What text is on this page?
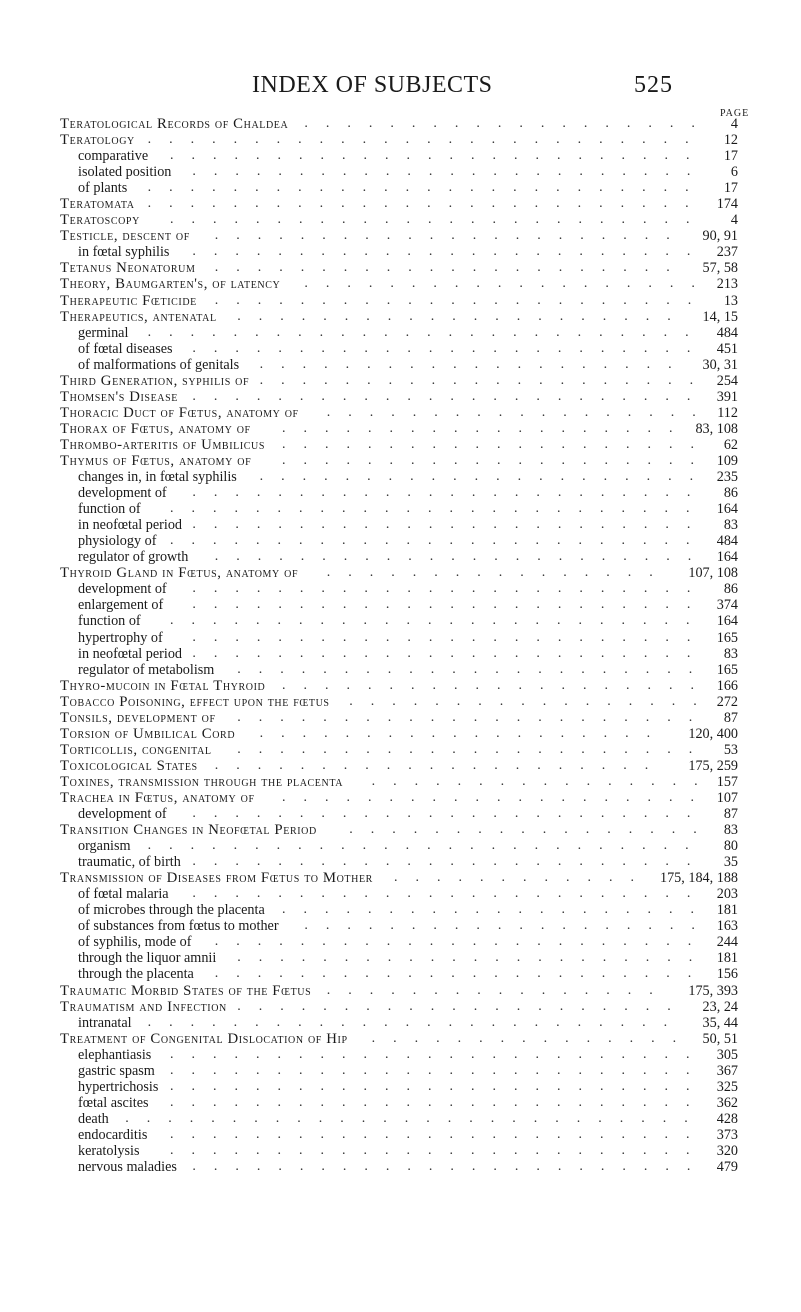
INDEX OF SUBJECTS	525
PAGE
Teratological Records of Chaldea ................... 4
Teratology .......................... 12
comparative ......................... 17
isolated position ........................ 6
of plants .......................... 17
Teratomata .......................... 174
Teratoscopy ......................... 4
Testicle, descent of ...................... 90, 91
in fœtal syphilis ........................ 237
Tetanus Neonatorum ...................... 57, 58
Theory, Baumgarten's, of latency ................... 213
Therapeutic Fœticide ....................... 13
Therapeutics, antenatal ..................... 14, 15
germinal .......................... 484
of fœtal diseases ........................ 451
of malformations of genitals .................... 30, 31
Third Generation, syphilis of ..................... 254
Thomsen's Disease ........................ 391
Thoracic Duct of Fœtus, anatomy of .................. 112
Thorax of Fœtus, anatomy of ................... 83, 108
Thrombo-arteritis of Umbilicus .................... 62
Thymus of Fœtus, anatomy of .................... 109
changes in, in fœtal syphilis ..................... 235
development of ........................ 86
function of ......................... 164
in neofœtal period ........................ 83
physiology of ......................... 484
regulator of growth ....................... 164
Thyroid Gland in Fœtus, anatomy of ................ 107, 108
development of ........................ 86
enlargement of ........................ 374
function of ......................... 164
hypertrophy of ........................ 165
in neofœtal period ........................ 83
regulator of metabolism ...................... 165
Thyro-mucoin in Fœtal Thyroid .................... 166
Tobacco Poisoning, effect upon the fœtus ................. 272
Tonsils, development of ...................... 87
Torsion of Umbilical Cord ................... 120, 400
Torticollis, congenital ...................... 53
Toxicological States ..................... 175, 259
Toxines, transmission through the placenta ................ 157
Trachea in Fœtus, anatomy of .................... 107
development of ........................ 87
Transition Changes in Neofœtal Period ................. 83
organism .......................... 80
traumatic, of birth ........................ 35
Transmission of Diseases from Fœtus to Mother ............ 175, 184, 188
of fœtal malaria ........................ 203
of microbes through the placenta .................... 181
of substances from fœtus to mother ................... 163
of syphilis, mode of ....................... 244
through the liquor amnii ...................... 181
through the placenta ....................... 156
Traumatic Morbid States of the Fœtus ................ 175, 393
Traumatism and Infection ..................... 23, 24
intranatal ......................... 35, 44
Treatment of Congenital Dislocation of Hip ............... 50, 51
elephantiasis ......................... 305
gastric spasm ......................... 367
hypertrichosis ......................... 325
fœtal ascites ......................... 362
death ........................... 428
endocarditis ......................... 373
keratolysis ......................... 320
nervous maladies ........................ 479
